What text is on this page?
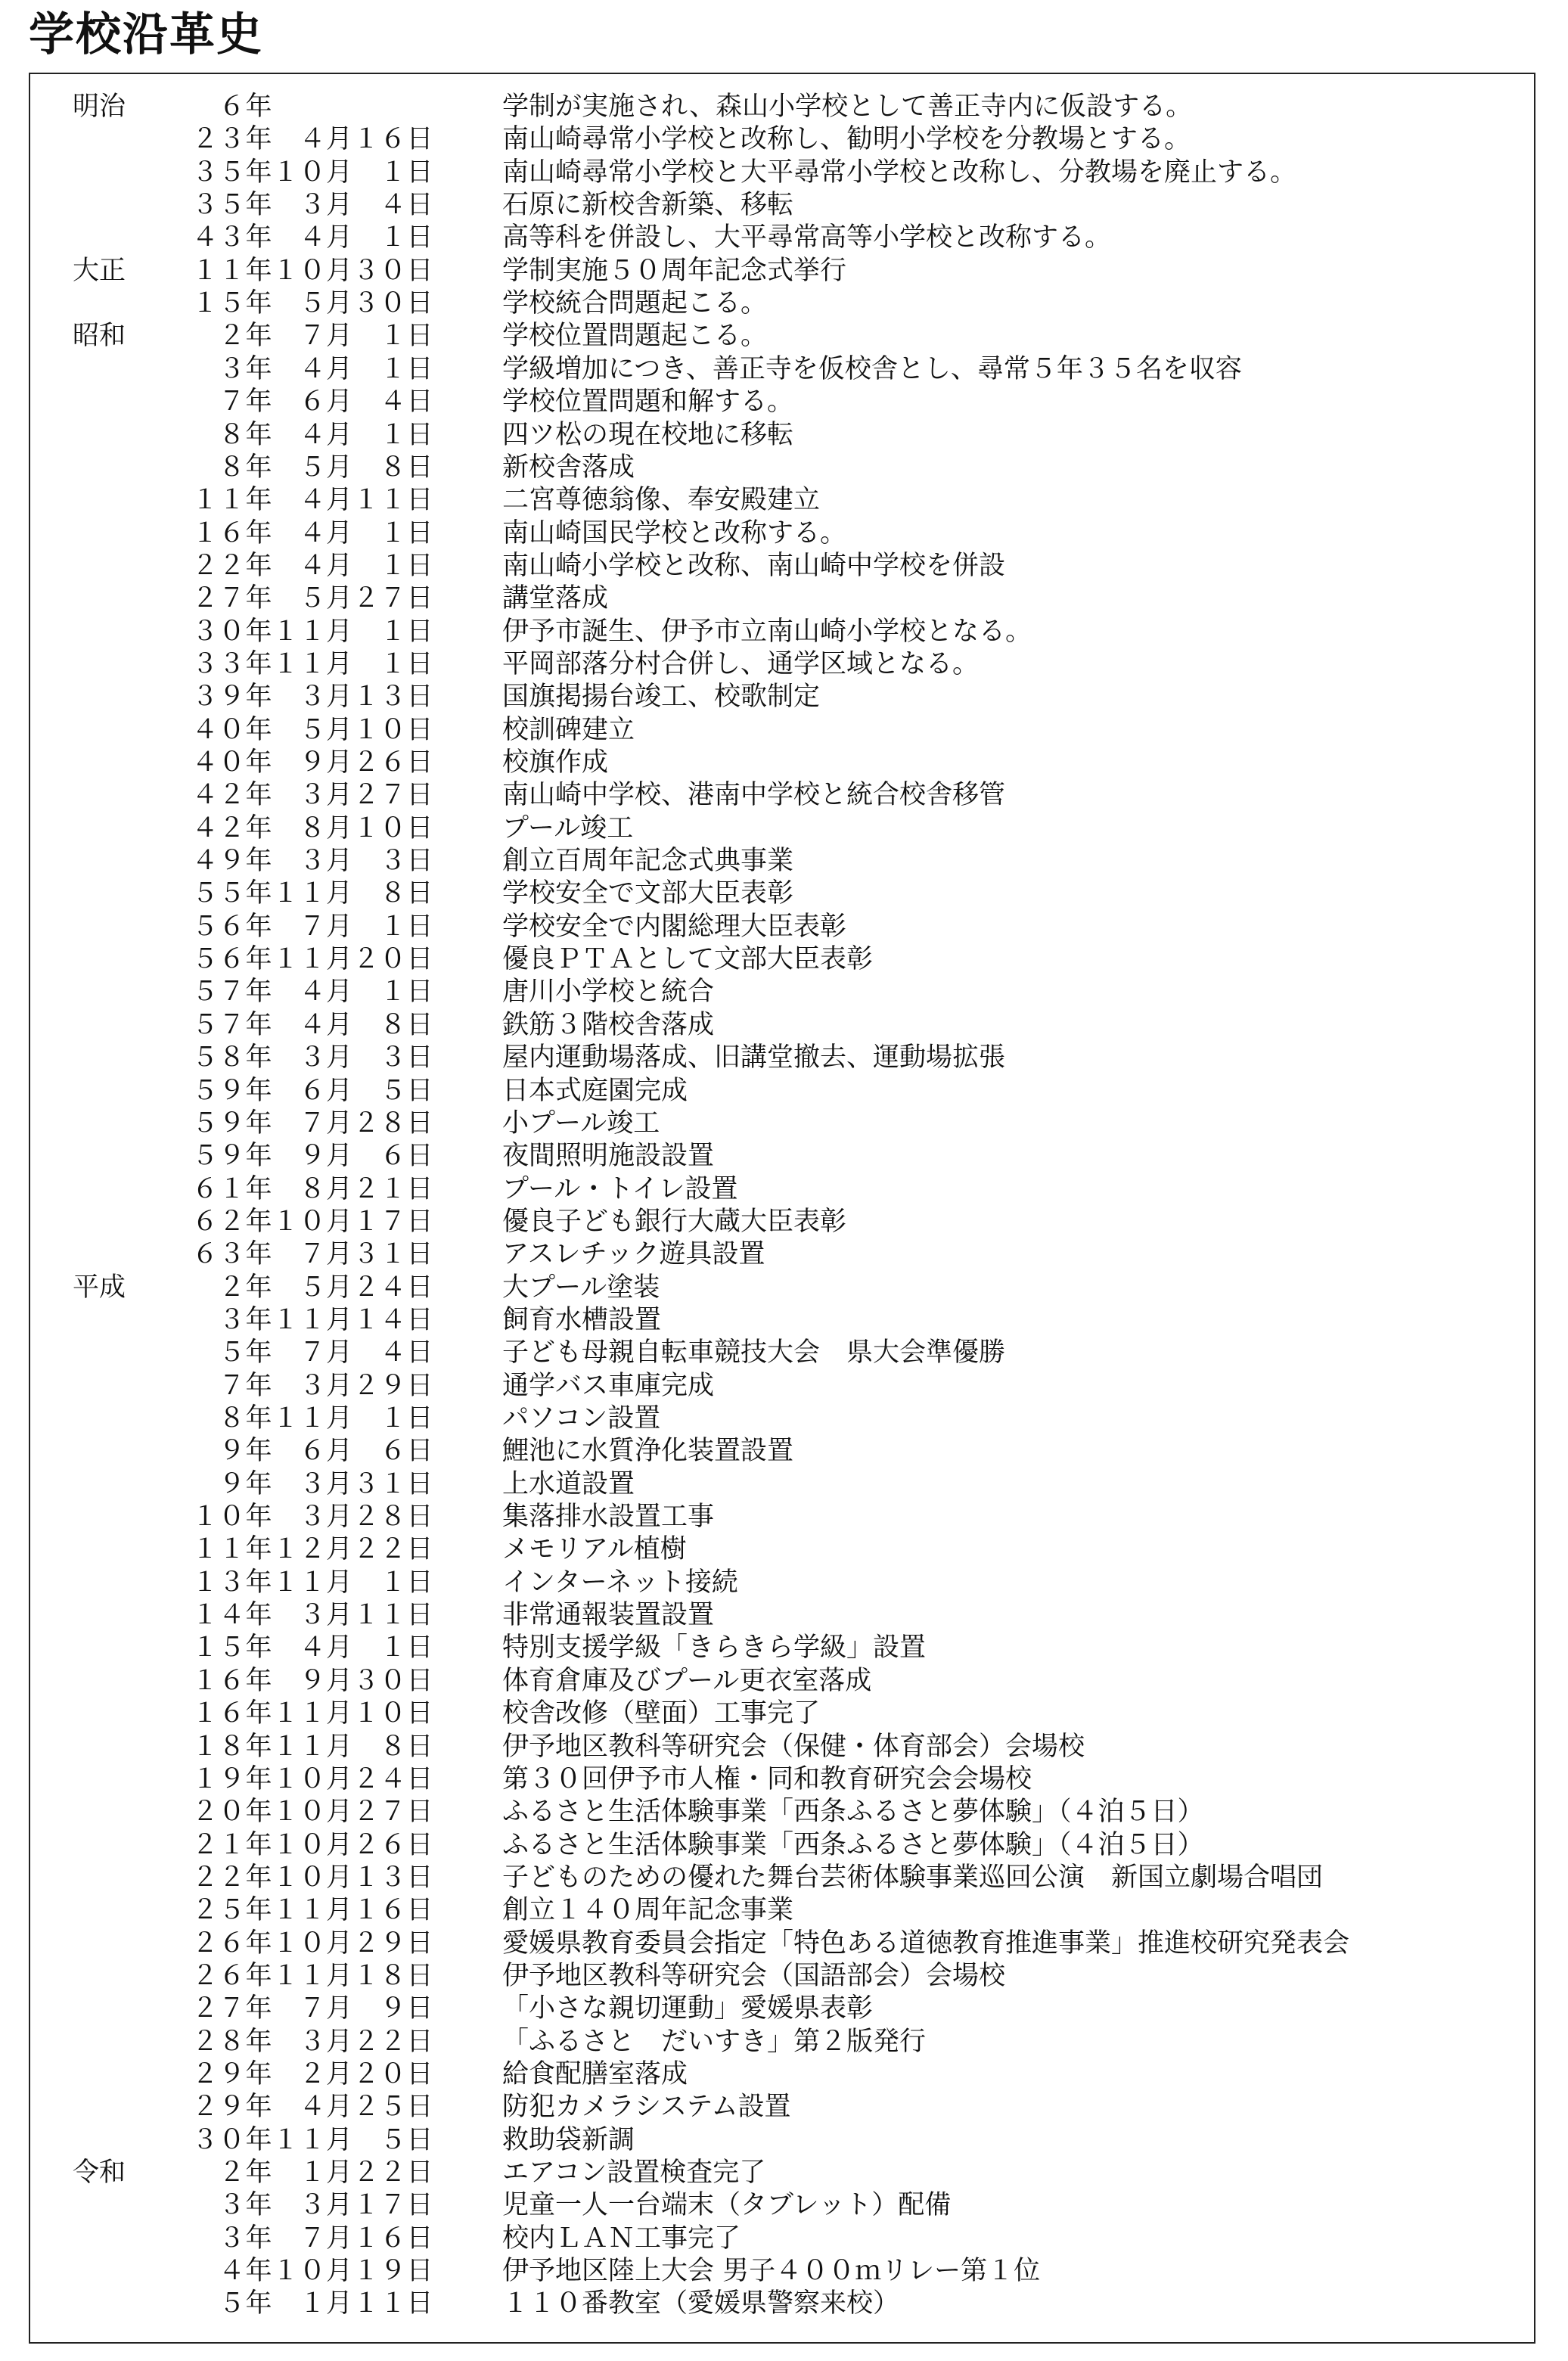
学校沿革史
明治	６年	学制が実施され、森山小学校として善正寺内に仮設する。
２３年　４月１６日	南山崎尋常小学校と改称し、勧明小学校を分教場とする。
３５年１０月　１日	南山崎尋常小学校と大平尋常小学校と改称し、分教場を廃止する。
３５年　３月　４日	石原に新校舎新築、移転
４３年　４月　１日	高等科を併設し、大平尋常高等小学校と改称する。
大正	１１年１０月３０日	学制実施５０周年記念式挙行
１５年　５月３０日	学校統合問題起こる。
昭和	２年　７月　１日	学校位置問題起こる。
３年　４月　１日	学級増加につき、善正寺を仮校舎とし、尋常５年３５名を収容
７年　６月　４日	学校位置問題和解する。
８年　４月　１日	四ツ松の現在校地に移転
８年　５月　８日	新校舎落成
１１年　４月１１日	二宮尊徳翁像、奉安殿建立
１６年　４月　１日	南山崎国民学校と改称する。
２２年　４月　１日	南山崎小学校と改称、南山崎中学校を併設
２７年　５月２７日	講堂落成
３０年１１月　１日	伊予市誕生、伊予市立南山崎小学校となる。
３３年１１月　１日	平岡部落分村合併し、通学区域となる。
３９年　３月１３日	国旗掲揚台竣工、校歌制定
４０年　５月１０日	校訓碑建立
４０年　９月２６日	校旗作成
４２年　３月２７日	南山崎中学校、港南中学校と統合校舎移管
４２年　８月１０日	プール竣工
４９年　３月　３日	創立百周年記念式典事業
５５年１１月　８日	学校安全で文部大臣表彰
５６年　７月　１日	学校安全で内閣総理大臣表彰
５６年１１月２０日	優良ＰＴＡとして文部大臣表彰
５７年　４月　１日	唐川小学校と統合
５７年　４月　８日	鉄筋３階校舎落成
５８年　３月　３日	屋内運動場落成、旧講堂撤去、運動場拡張
５９年　６月　５日	日本式庭園完成
５９年　７月２８日	小プール竣工
５９年　９月　６日	夜間照明施設設置
６１年　８月２１日	プール・トイレ設置
６２年１０月１７日	優良子ども銀行大蔵大臣表彰
６３年　７月３１日	アスレチック遊具設置
平成	２年　５月２４日	大プール塗装
３年１１月１４日	飼育水槽設置
５年　７月　４日	子ども母親自転車競技大会　県大会準優勝
７年　３月２９日	通学バス車庫完成
８年１１月　１日	パソコン設置
９年　６月　６日	鯉池に水質浄化装置設置
９年　３月３１日	上水道設置
１０年　３月２８日	集落排水設置工事
１１年１２月２２日	メモリアル植樹
１３年１１月　１日	インターネット接続
１４年　３月１１日	非常通報装置設置
１５年　４月　１日	特別支援学級「きらきら学級」設置
１６年　９月３０日	体育倉庫及びプール更衣室落成
１６年１１月１０日	校舎改修（壁面）工事完了
１８年１１月　８日	伊予地区教科等研究会（保健・体育部会）会場校
１９年１０月２４日	第３０回伊予市人権・同和教育研究会会場校
２０年１０月２７日	ふるさと生活体験事業「西条ふるさと夢体験」（４泊５日）
２１年１０月２６日	ふるさと生活体験事業「西条ふるさと夢体験」（４泊５日）
２２年１０月１３日	子どものための優れた舞台芸術体験事業巡回公演　新国立劇場合唱団
２５年１１月１６日	創立１４０周年記念事業
２６年１０月２９日	愛媛県教育委員会指定「特色ある道徳教育推進事業」推進校研究発表会
２６年１１月１８日	伊予地区教科等研究会（国語部会）会場校
２７年　７月　９日	「小さな親切運動」愛媛県表彰
２８年　３月２２日	「ふるさと　だいすき」第２版発行
２９年　２月２０日	給食配膳室落成
２９年　４月２５日	防犯カメラシステム設置
３０年１１月　５日	救助袋新調
令和	２年　１月２２日	エアコン設置検査完了
３年　３月１７日	児童一人一台端末（タブレット）配備
３年　７月１６日	校内ＬＡＮ工事完了
４年１０月１９日	伊予地区陸上大会 男子４００ｍリレー第１位
５年　１月１１日	１１０番教室（愛媛県警察来校）
